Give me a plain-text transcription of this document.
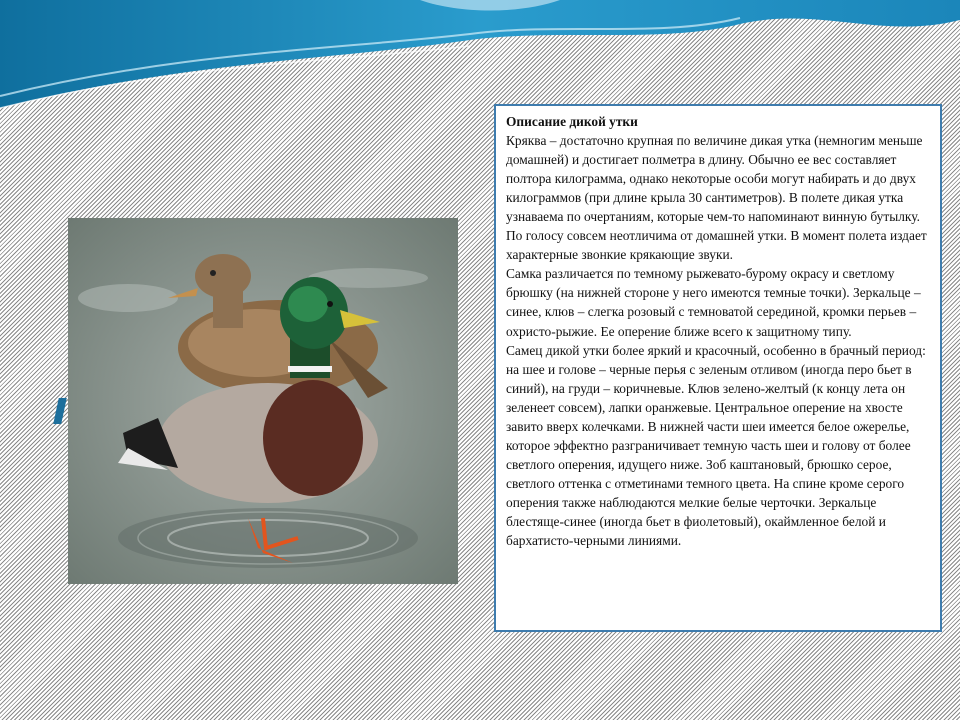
Описание дикой утки

Кряква – достаточно крупная по величине дикая утка (немногим меньше домашней) и достигает полметра в длину. Обычно ее вес составляет полтора килограмма, однако некоторые особи могут набирать и до двух килограммов (при длине крыла 30 сантиметров). В полете дикая утка узнаваема по очертаниям, которые чем-то напоминают винную бутылку. По голосу совсем неотличима от домашней утки. В момент полета издает характерные звонкие крякающие звуки.

Самка различается по темному рыжевато-бурому окрасу и светлому брюшку (на нижней стороне у него имеются темные точки). Зеркальце – синее, клюв – слегка розовый с темноватой серединой, кромки перьев – охристо-рыжие. Ее оперение ближе всего к защитному типу.

Самец дикой утки более яркий и красочный, особенно в брачный период: на шее и голове – черные перья с зеленым отливом (иногда перо бьет в синий), на груди – коричневые. Клюв зелено-желтый (к концу лета он зеленеет совсем), лапки оранжевые. Центральное оперение на хвосте завито вверх колечками. В нижней части шеи имеется белое ожерелье, которое эффектно разграничивает темную часть шеи и голову от более светлого оперения, идущего ниже. Зоб каштановый, брюшко серое, светлого оттенка с отметинами темного цвета. На спине кроме серого оперения также наблюдаются мелкие белые черточки. Зеркальце блестяще-синее (иногда бьет в фиолетовый), окаймленное белой и бархатисто-черными линиями.
